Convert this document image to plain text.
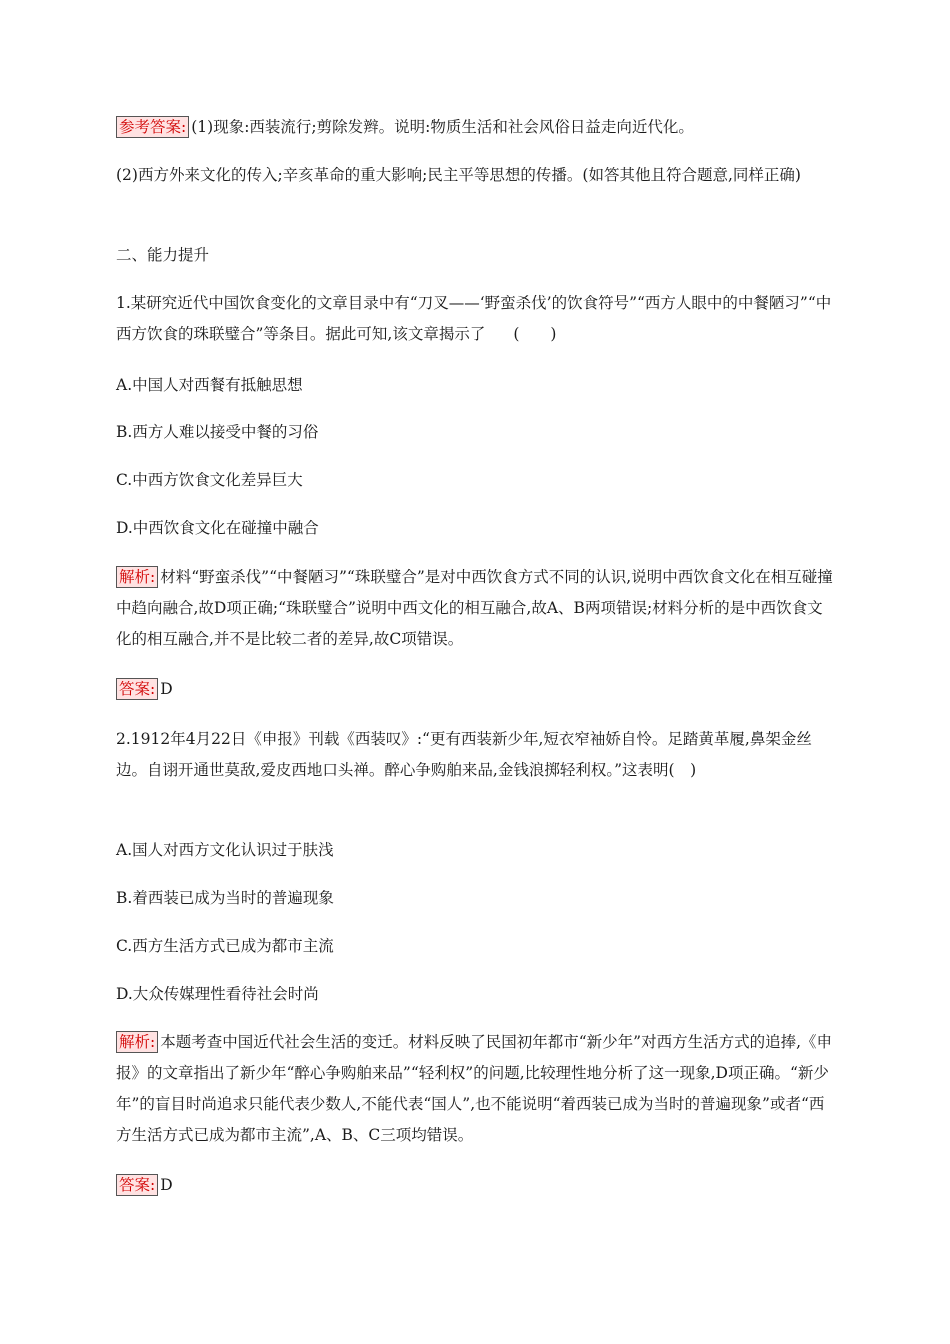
参考答案: (1)现象:西装流行;剪除发辫。说明:物质生活和社会风俗日益走向近代化。

(2)西方外来文化的传入;辛亥革命的重大影响;民主平等思想的传播。(如答其他且符合题意,同样正确)

二、能力提升

1.某研究近代中国饮食变化的文章目录中有“刀叉——‘野蛮杀伐’的饮食符号”“西方人眼中的中餐陋习”“中西方饮食的珠联璧合”等条目。据此可知,该文章揭示了 (　　)

A.中国人对西餐有抵触思想

B.西方人难以接受中餐的习俗

C.中西方饮食文化差异巨大

D.中西饮食文化在碰撞中融合

解析: 材料“野蛮杀伐”“中餐陋习”“珠联璧合”是对中西饮食方式不同的认识,说明中西饮食文化在相互碰撞中趋向融合,故D项正确;“珠联璧合”说明中西文化的相互融合,故A、B两项错误;材料分析的是中西饮食文化的相互融合,并不是比较二者的差异,故C项错误。

答案: D

2.1912年4月22日《申报》刊载《西装叹》:“更有西装新少年,短衣窄袖娇自怜。足踏黄革履,鼻架金丝边。自诩开通世莫敌,爱皮西地口头禅。醉心争购舶来品,金钱浪掷轻利权。”这表明(　)

A.国人对西方文化认识过于肤浅

B.着西装已成为当时的普遍现象

C.西方生活方式已成为都市主流

D.大众传媒理性看待社会时尚

解析: 本题考查中国近代社会生活的变迁。材料反映了民国初年都市“新少年”对西方生活方式的追捧,《申报》的文章指出了新少年“醉心争购舶来品”“轻利权”的问题,比较理性地分析了这一现象,D项正确。“新少年”的盲目时尚追求只能代表少数人,不能代表“国人”,也不能说明“着西装已成为当时的普遍现象”或者“西方生活方式已成为都市主流”,A、B、C三项均错误。

答案: D
